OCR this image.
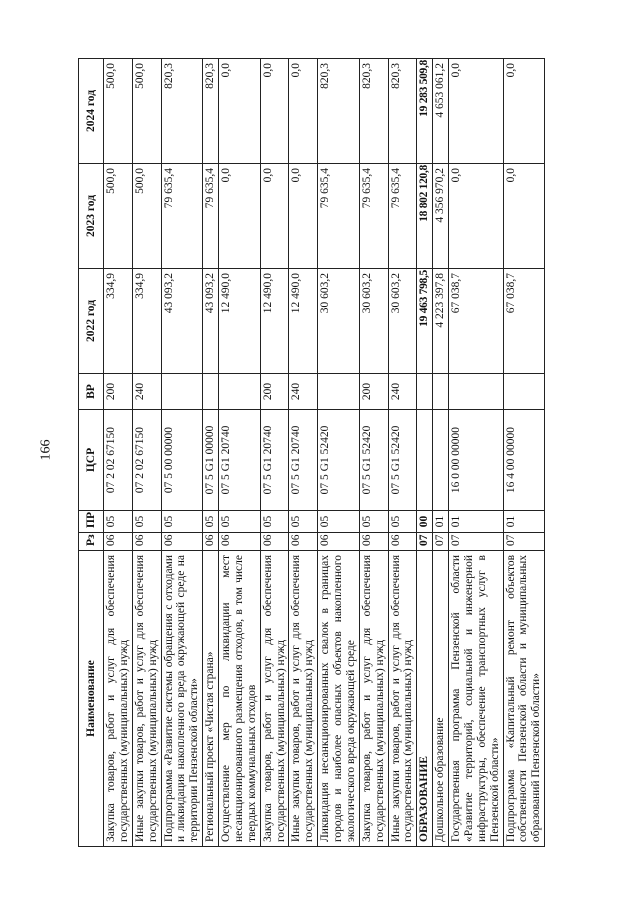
166
Наименование	Рз	ПР	ЦСР	ВР	2022 год	2023 год	2024 год
Закупка товаров, работ и услуг для обеспечения государственных (муниципальных) нужд	06	05	07 2 02 67150	200	334,9	500,0	500,0
Иные закупки товаров, работ и услуг для обеспечения государственных (муниципальных) нужд	06	05	07 2 02 67150	240	334,9	500,0	500,0
Подпрограмма «Развитие системы обращения с отходами и ликвидация накопленного вреда окружающей среде на территории Пензенской области»	06	05	07 5 00 00000		43 093,2	79 635,4	820,3
Региональный проект «Чистая страна»	06	05	07 5 G1 00000		43 093,2	79 635,4	820,3
Осуществление мер по ликвидации мест несанкционированного размещения отходов, в том числе твердых коммунальных отходов	06	05	07 5 G1 20740		12 490,0	0,0	0,0
Закупка товаров, работ и услуг для обеспечения государственных (муниципальных) нужд	06	05	07 5 G1 20740	200	12 490,0	0,0	0,0
Иные закупки товаров, работ и услуг для обеспечения государственных (муниципальных) нужд	06	05	07 5 G1 20740	240	12 490,0	0,0	0,0
Ликвидация несанкционированных свалок в границах городов и наиболее опасных объектов накопленного экологического вреда окружающей среде	06	05	07 5 G1 52420		30 603,2	79 635,4	820,3
Закупка товаров, работ и услуг для обеспечения государственных (муниципальных) нужд	06	05	07 5 G1 52420	200	30 603,2	79 635,4	820,3
Иные закупки товаров, работ и услуг для обеспечения государственных (муниципальных) нужд	06	05	07 5 G1 52420	240	30 603,2	79 635,4	820,3
ОБРАЗОВАНИЕ	07	00			19 463 798,5	18 802 120,8	19 283 509,8
Дошкольное образование	07	01			4 223 397,8	4 356 970,2	4 653 061,2
Государственная программа Пензенской области «Развитие территорий, социальной и инженерной инфраструктуры, обеспечение транспортных услуг в Пензенской области»	07	01	16 0 00 00000		67 038,7	0,0	0,0
Подпрограмма «Капитальный ремонт объектов собственности Пензенской области и муниципальных образований Пензенской области»	07	01	16 4 00 00000		67 038,7	0,0	0,0
